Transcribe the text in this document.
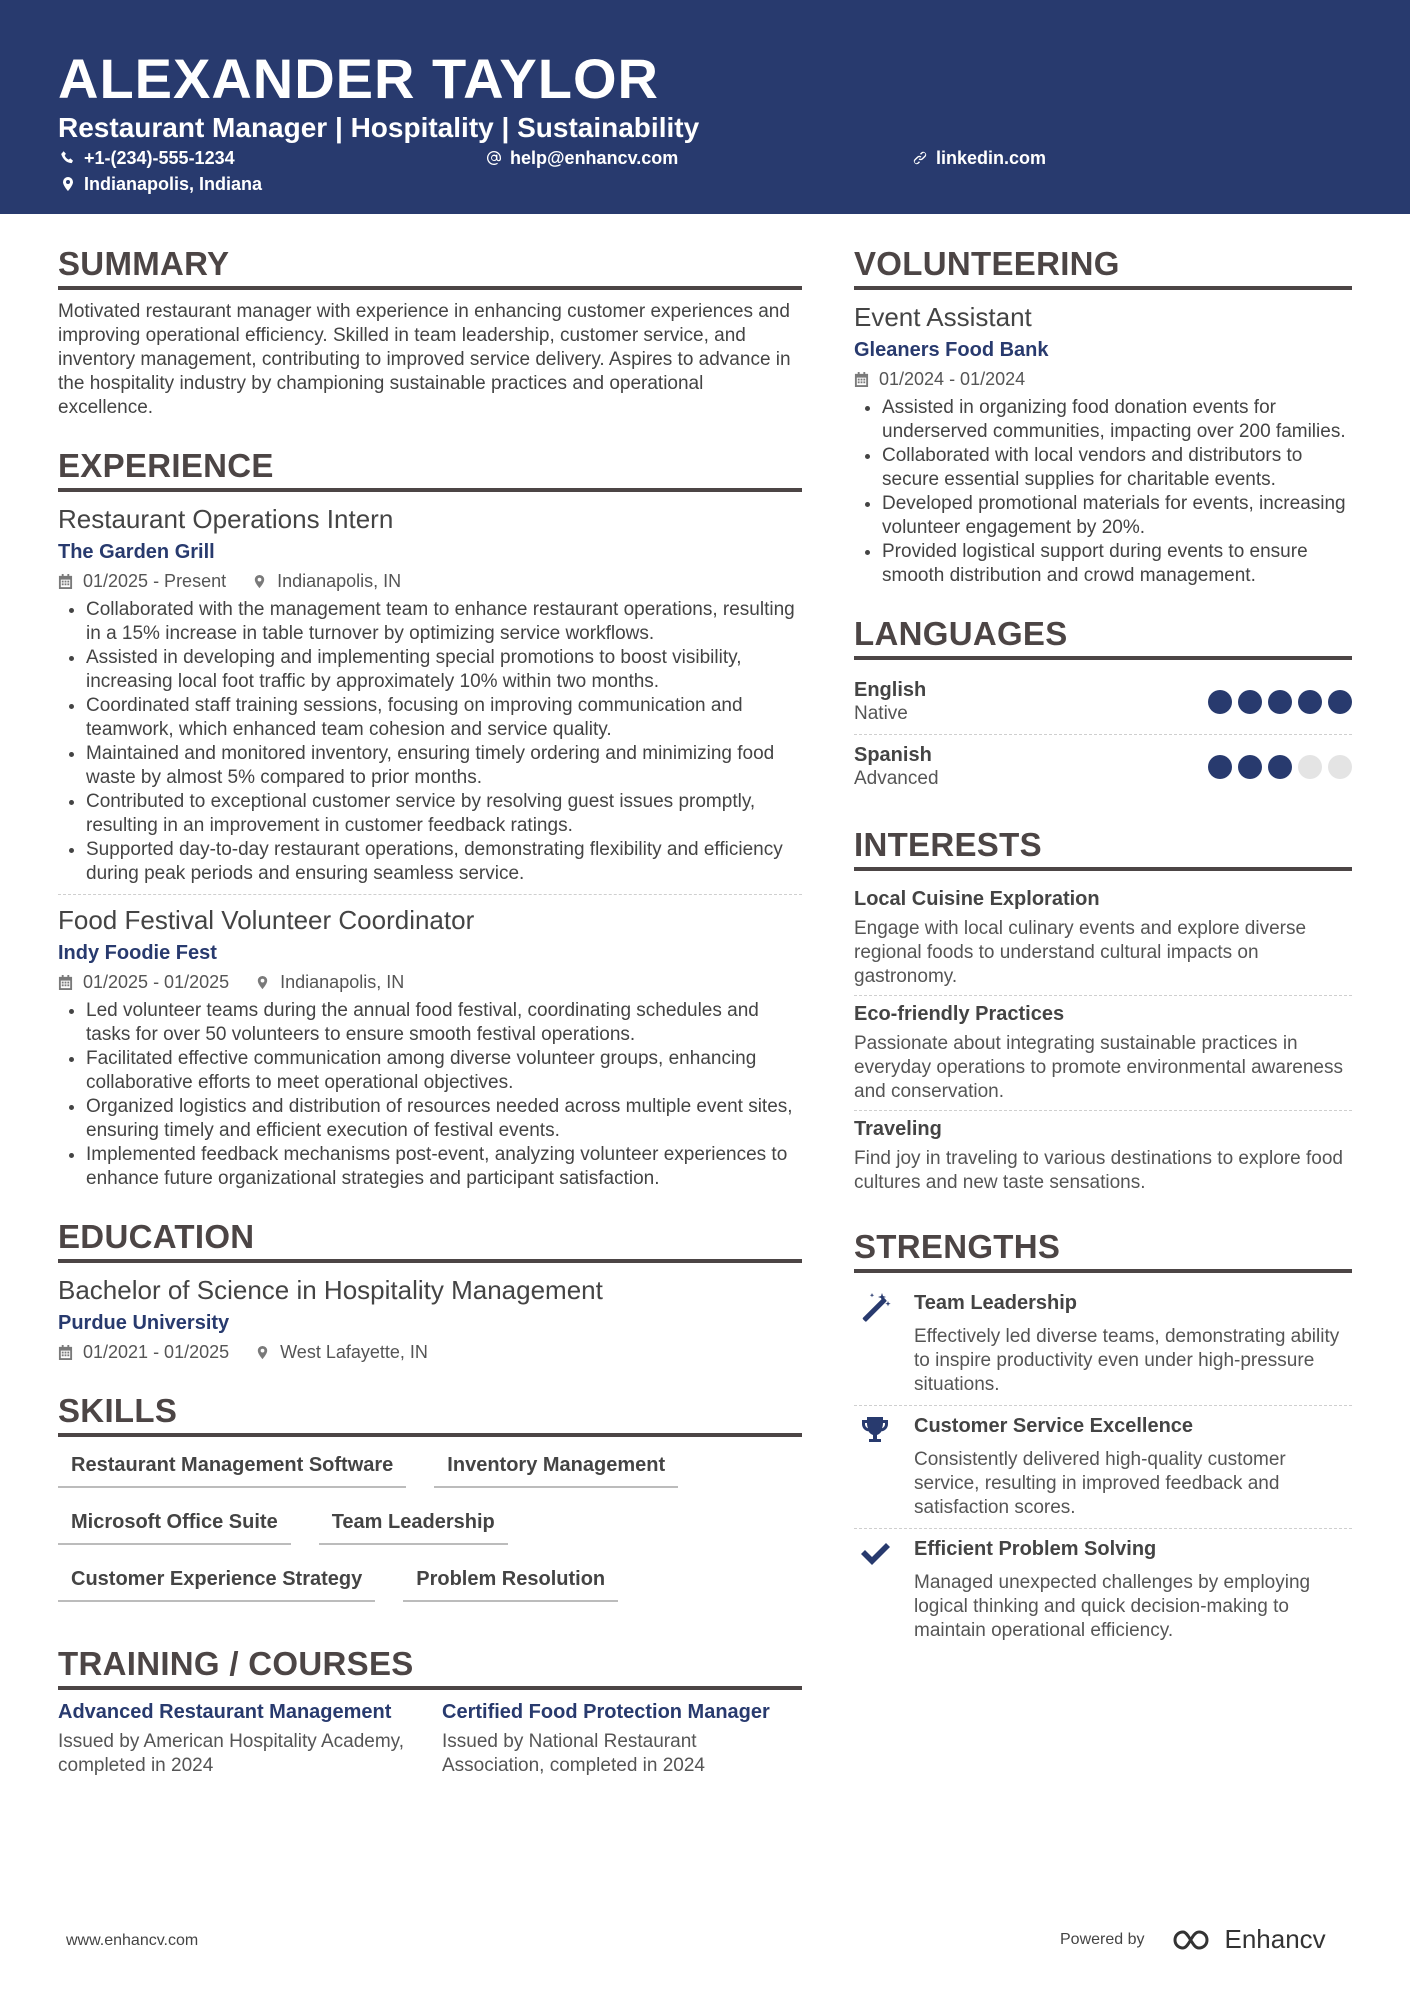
ALEXANDER TAYLOR
Restaurant Manager | Hospitality | Sustainability
+1-(234)-555-1234	help@enhancv.com	linkedin.com
Indianapolis, Indiana
SUMMARY
Motivated restaurant manager with experience in enhancing customer experiences and improving operational efficiency. Skilled in team leadership, customer service, and inventory management, contributing to improved service delivery. Aspires to advance in the hospitality industry by championing sustainable practices and operational excellence.
EXPERIENCE
Restaurant Operations Intern
The Garden Grill
01/2025 - Present	Indianapolis, IN
Collaborated with the management team to enhance restaurant operations, resulting in a 15% increase in table turnover by optimizing service workflows.
Assisted in developing and implementing special promotions to boost visibility, increasing local foot traffic by approximately 10% within two months.
Coordinated staff training sessions, focusing on improving communication and teamwork, which enhanced team cohesion and service quality.
Maintained and monitored inventory, ensuring timely ordering and minimizing food waste by almost 5% compared to prior months.
Contributed to exceptional customer service by resolving guest issues promptly, resulting in an improvement in customer feedback ratings.
Supported day-to-day restaurant operations, demonstrating flexibility and efficiency during peak periods and ensuring seamless service.
Food Festival Volunteer Coordinator
Indy Foodie Fest
01/2025 - 01/2025	Indianapolis, IN
Led volunteer teams during the annual food festival, coordinating schedules and tasks for over 50 volunteers to ensure smooth festival operations.
Facilitated effective communication among diverse volunteer groups, enhancing collaborative efforts to meet operational objectives.
Organized logistics and distribution of resources needed across multiple event sites, ensuring timely and efficient execution of festival events.
Implemented feedback mechanisms post-event, analyzing volunteer experiences to enhance future organizational strategies and participant satisfaction.
EDUCATION
Bachelor of Science in Hospitality Management
Purdue University
01/2021 - 01/2025	West Lafayette, IN
SKILLS
Restaurant Management Software	Inventory Management
Microsoft Office Suite	Team Leadership
Customer Experience Strategy	Problem Resolution
TRAINING / COURSES
Advanced Restaurant Management
Issued by American Hospitality Academy, completed in 2024
Certified Food Protection Manager
Issued by National Restaurant Association, completed in 2024
VOLUNTEERING
Event Assistant
Gleaners Food Bank
01/2024 - 01/2024
Assisted in organizing food donation events for underserved communities, impacting over 200 families.
Collaborated with local vendors and distributors to secure essential supplies for charitable events.
Developed promotional materials for events, increasing volunteer engagement by 20%.
Provided logistical support during events to ensure smooth distribution and crowd management.
LANGUAGES
English
Native
Spanish
Advanced
INTERESTS
Local Cuisine Exploration
Engage with local culinary events and explore diverse regional foods to understand cultural impacts on gastronomy.
Eco-friendly Practices
Passionate about integrating sustainable practices in everyday operations to promote environmental awareness and conservation.
Traveling
Find joy in traveling to various destinations to explore food cultures and new taste sensations.
STRENGTHS
Team Leadership
Effectively led diverse teams, demonstrating ability to inspire productivity even under high-pressure situations.
Customer Service Excellence
Consistently delivered high-quality customer service, resulting in improved feedback and satisfaction scores.
Efficient Problem Solving
Managed unexpected challenges by employing logical thinking and quick decision-making to maintain operational efficiency.
www.enhancv.com	Powered by	Enhancv
